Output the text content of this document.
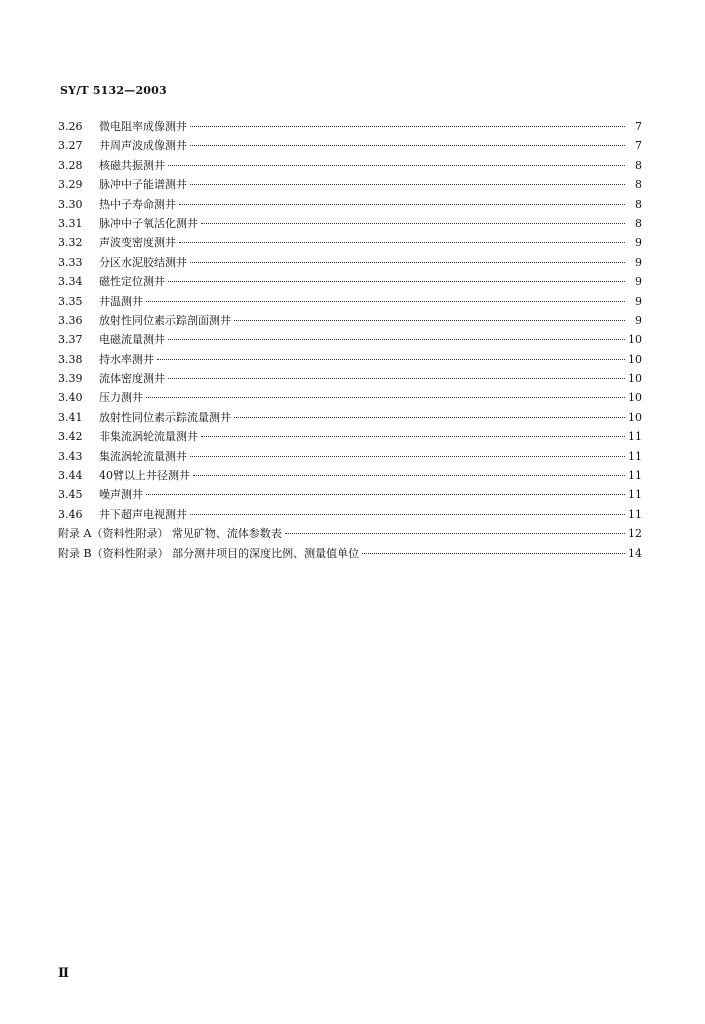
SY/T 5132—2003
3.26	微电阻率成像测井	7
3.27	井周声波成像测井	7
3.28	核磁共振测井	8
3.29	脉冲中子能谱测井	8
3.30	热中子寿命测井	8
3.31	脉冲中子氧活化测井	8
3.32	声波变密度测井	9
3.33	分区水泥胶结测井	9
3.34	磁性定位测井	9
3.35	井温测井	9
3.36	放射性同位素示踪剖面测井	9
3.37	电磁流量测井	10
3.38	持水率测井	10
3.39	流体密度测井	10
3.40	压力测井	10
3.41	放射性同位素示踪流量测井	10
3.42	非集流涡轮流量测井	11
3.43	集流涡轮流量测井	11
3.44	40臂以上井径测井	11
3.45	噪声测井	11
3.46	井下超声电视测井	11
附录 A（资料性附录） 常见矿物、流体参数表	12
附录 B（资料性附录） 部分测井项目的深度比例、测量值单位	14
Ⅱ
